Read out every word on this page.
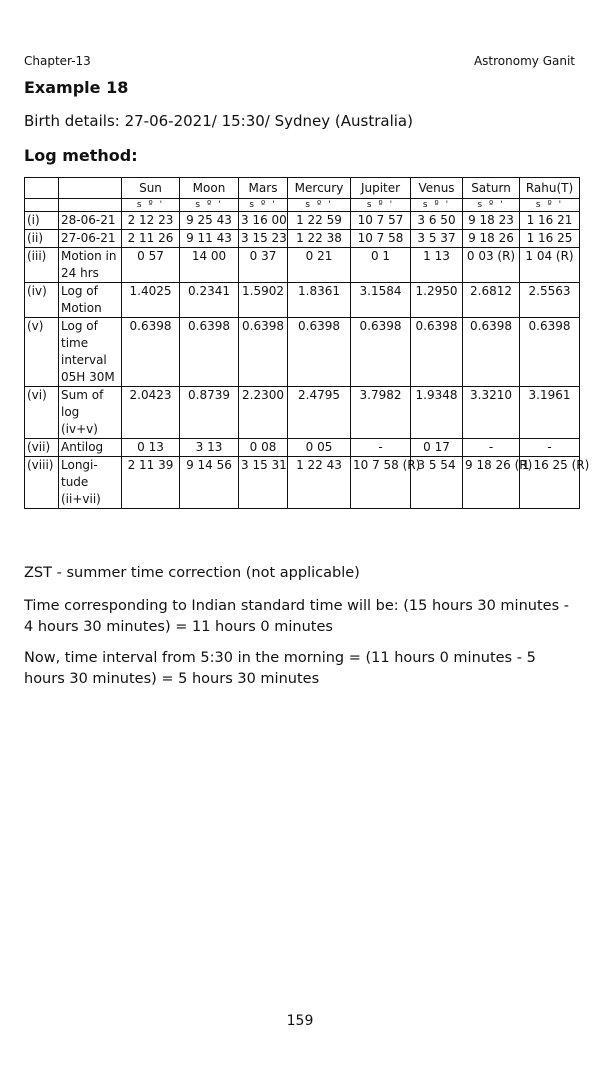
Chapter-13	Astronomy Ganit
Example 18
Birth details: 27-06-2021/ 15:30/ Sydney (Australia)
Log method:
		Sun	Moon	Mars	Mercury	Jupiter	Venus	Saturn	Rahu(T)
		s º '	s º '	s º '	s º '	s º '	s º '	s º '	s º '
(i)	28-06-21	2 12 23	9 25 43	3 16 00	1 22 59	10 7 57	3 6 50	9 18 23	1 16 21
(ii)	27-06-21	2 11 26	9 11 43	3 15 23	1 22 38	10 7 58	3 5 37	9 18 26	1 16 25
(iii)	Motion in 24 hrs	0 57	14 00	0 37	0 21	0 1	1 13	0 03 (R)	1 04 (R)
(iv)	Log of Motion	1.4025	0.2341	1.5902	1.8361	3.1584	1.2950	2.6812	2.5563
(v)	Log of time interval 05H 30M	0.6398	0.6398	0.6398	0.6398	0.6398	0.6398	0.6398	0.6398
(vi)	Sum of log (iv+v)	2.0423	0.8739	2.2300	2.4795	3.7982	1.9348	3.3210	3.1961
(vii)	Antilog	0 13	3 13	0 08	0 05	-	0 17	-	-
(viii)	Longi-tude (ii+vii)	2 11 39	9 14 56	3 15 31	1 22 43	10 7 58 (R)	3 5 54	9 18 26 (R)	1 16 25 (R)
ZST - summer time correction (not applicable)
Time corresponding to Indian standard time will be: (15 hours 30 minutes - 4 hours 30 minutes) = 11 hours 0 minutes
Now, time interval from 5:30 in the morning = (11 hours 0 minutes - 5 hours 30 minutes) = 5 hours 30 minutes
159
